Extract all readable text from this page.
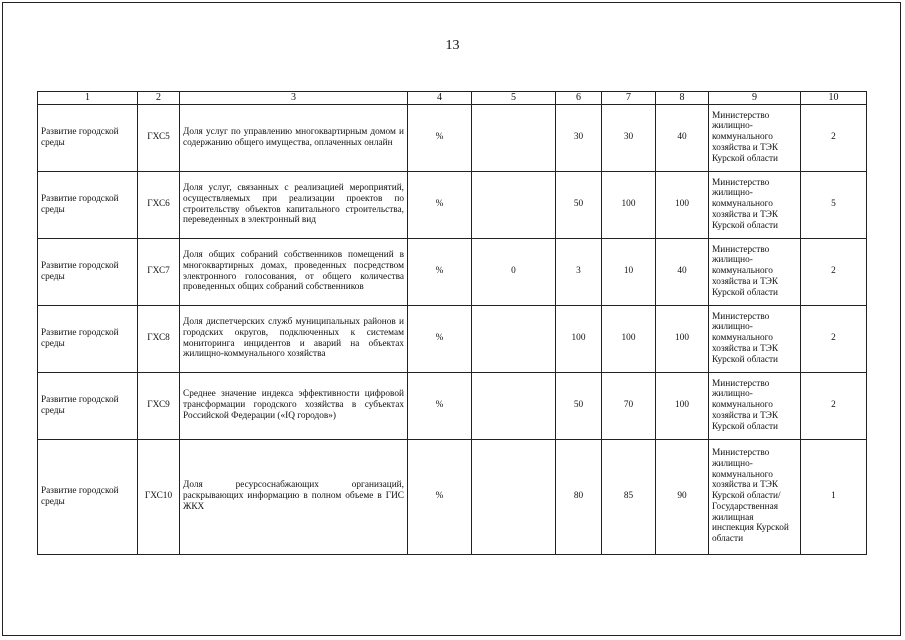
13
1	2	3	4	5	6	7	8	9	10
Развитие городской среды	ГХС5	Доля услуг по управлению многоквартирным домом и содержанию общего имущества, оплаченных онлайн	%		30	30	40	Министерство жилищно-коммунального хозяйства и ТЭК Курской области	2
Развитие городской среды	ГХС6	Доля услуг, связанных с реализацией мероприятий, осуществляемых при реализации проектов по строительству объектов капитального строительства, переведенных в электронный вид	%		50	100	100	Министерство жилищно-коммунального хозяйства и ТЭК Курской области	5
Развитие городской среды	ГХС7	Доля общих собраний собственников помещений в многоквартирных домах, проведенных посредством электронного голосования, от общего количества проведенных общих собраний собственников	%	0	3	10	40	Министерство жилищно-коммунального хозяйства и ТЭК Курской области	2
Развитие городской среды	ГХС8	Доля диспетчерских служб муниципальных районов и городских округов, подключенных к системам мониторинга инцидентов и аварий на объектах жилищно-коммунального хозяйства	%		100	100	100	Министерство жилищно-коммунального хозяйства и ТЭК Курской области	2
Развитие городской среды	ГХС9	Среднее значение индекса эффективности цифровой трансформации городского хозяйства в субъектах Российской Федерации («IQ городов»)	%		50	70	100	Министерство жилищно-коммунального хозяйства и ТЭК Курской области	2
Развитие городской среды	ГХС10	Доля ресурсоснабжающих организаций, раскрывающих информацию в полном объеме в ГИС ЖКХ	%		80	85	90	Министерство жилищно-коммунального хозяйства и ТЭК Курской области/ Государственная жилищная инспекция Курской области	1
